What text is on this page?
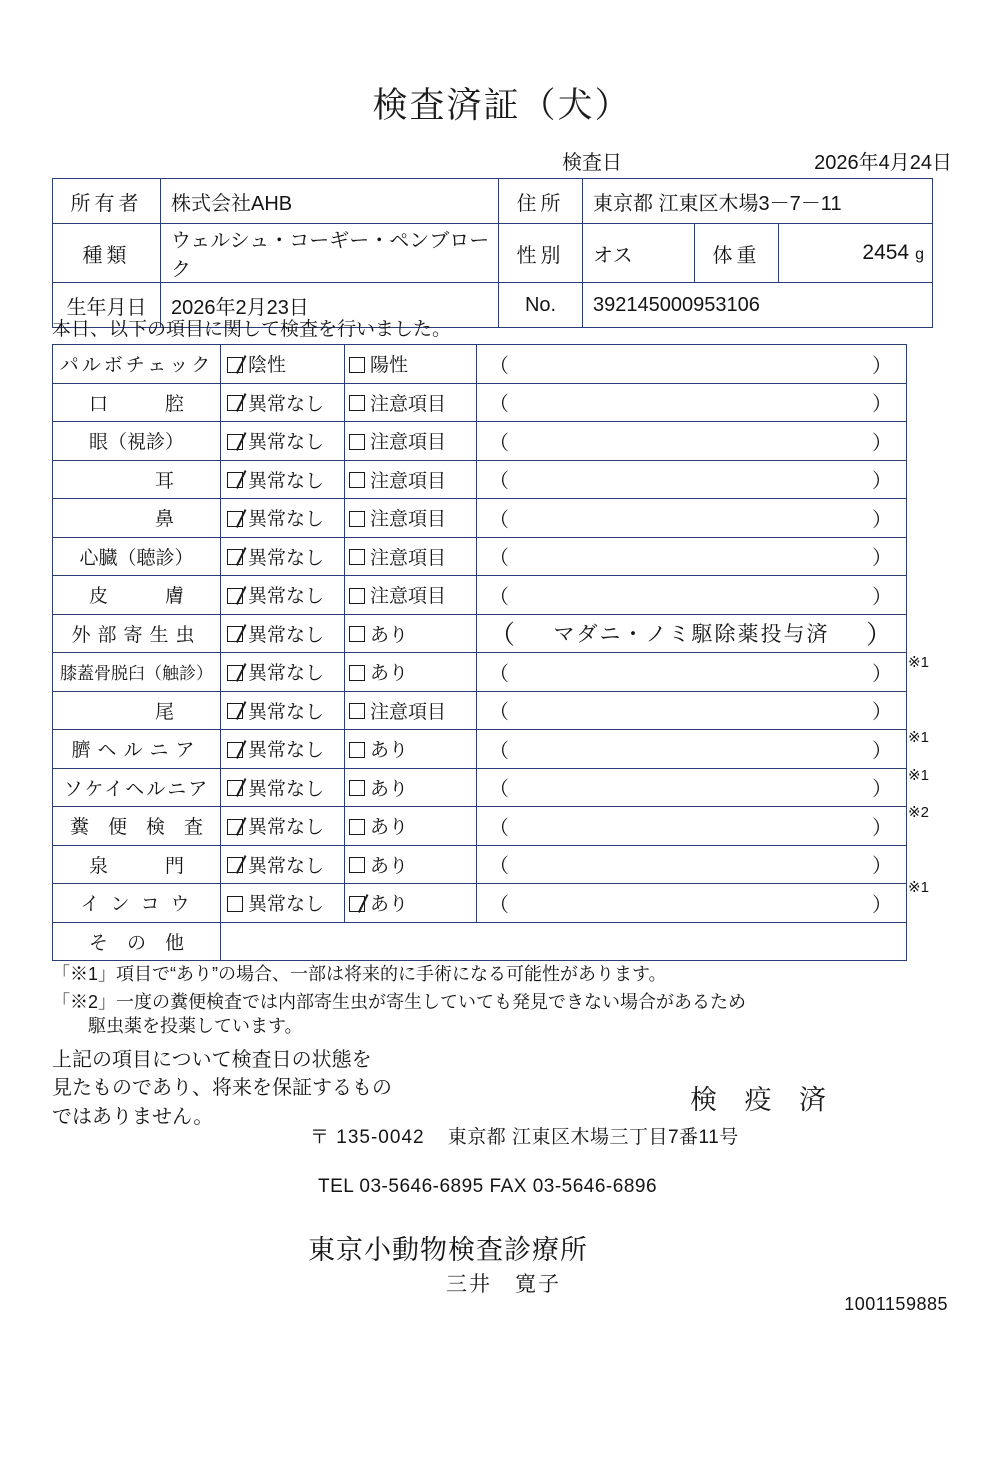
検査済証（犬）
検査日	2026年4月24日
所有者	株式会社AHB	住所	東京都 江東区木場3－7－11		
種類	ウェルシュ・コーギー・ペンブローク	性別	オス	体重	2454 g
生年月日	2026年2月23日	No.	392145000953106		
本日、以下の項目に関して検査を行いました。
パルボチェック	陰性	陽性	（ ）

口　　　腔	異常なし	注意項目	（ ）

眼（視診）	異常なし	注意項目	（ ）

耳	異常なし	注意項目	（ ）

鼻	異常なし	注意項目	（ ）

心臓（聴診）	異常なし	注意項目	（ ）

皮　　　膚	異常なし	注意項目	（ ）

外部寄生虫	異常なし	あり	（ マダニ・ノミ駆除薬投与済 ）

膝蓋骨脱臼（触診）	異常なし	あり	（ ）

尾	異常なし	注意項目	（ ）

臍ヘルニア	異常なし	あり	（ ）

ソケイヘルニア	異常なし	あり	（ ）

糞　便　検　査	異常なし	あり	（ ）

泉　　　門	異常なし	あり	（ ）

インコウ	異常なし	あり	（ ）

そ　の　他			
※1
※1
※1
※2
※1
「※1」項目で“あり”の場合、一部は将来的に手術になる可能性があります。
「※2」一度の糞便検査では内部寄生虫が寄生していても発見できない場合があるため
駆虫薬を投薬しています。
上記の項目について検査日の状態を
見たものであり、将来を保証するもの
ではありません。
検 疫 済
〒 135-0042 東京都 江東区木場三丁目7番11号
TEL 03-5646-6895 FAX 03-5646-6896
東京小動物検査診療所
三井　寛子
1001159885
